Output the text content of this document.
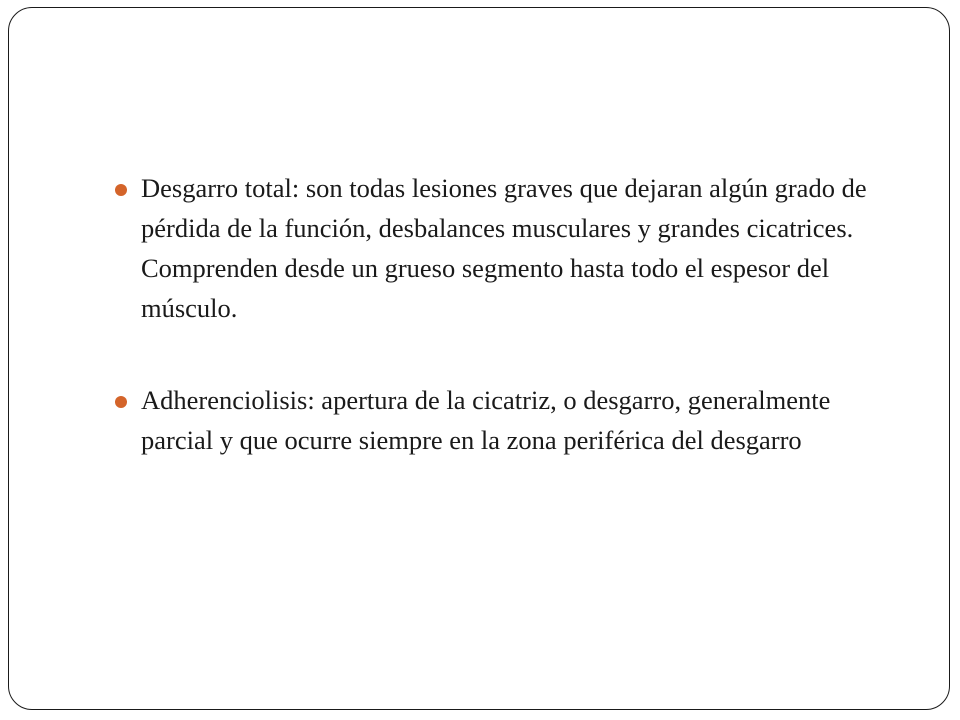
Desgarro total: son todas lesiones graves que dejaran algún grado de pérdida de la función, desbalances musculares y grandes cicatrices. Comprenden desde un grueso segmento hasta todo el espesor del músculo.
Adherenciolisis: apertura de la cicatriz, o desgarro, generalmente parcial y que ocurre siempre en la zona periférica del desgarro
